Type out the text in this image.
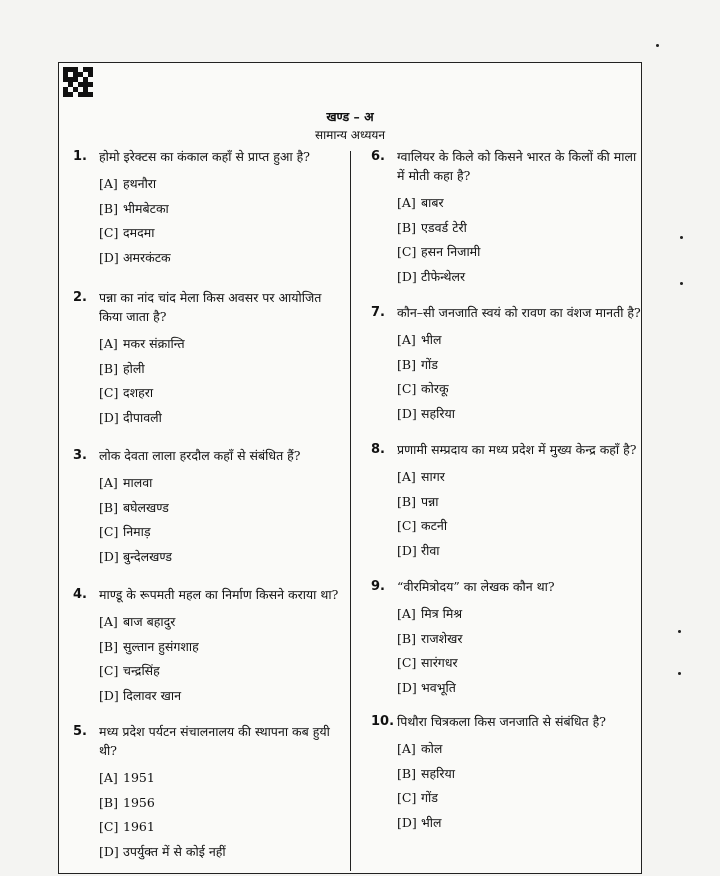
खण्ड – अ
सामान्य अध्ययन
1. होमो इरेक्टस का कंकाल कहाँ से प्राप्त हुआ है?
[A] हथनौरा
[B] भीमबेटका
[C] दमदमा
[D] अमरकंटक
2. पन्ना का नांद चांद मेला किस अवसर पर आयोजित किया जाता है?
[A] मकर संक्रान्ति
[B] होली
[C] दशहरा
[D] दीपावली
3. लोक देवता लाला हरदौल कहाँ से संबंधित हैं?
[A] मालवा
[B] बघेलखण्ड
[C] निमाड़
[D] बुन्देलखण्ड
4. माण्डू के रूपमती महल का निर्माण किसने कराया था?
[A] बाज बहादुर
[B] सुल्तान हुसंगशाह
[C] चन्द्रसिंह
[D] दिलावर खान
5. मध्य प्रदेश पर्यटन संचालनालय की स्थापना कब हुयी थी?
[A] 1951
[B] 1956
[C] 1961
[D] उपर्युक्त में से कोई नहीं
6. ग्वालियर के किले को किसने भारत के किलों की माला में मोती कहा है?
[A] बाबर
[B] एडवर्ड टेरी
[C] हसन निजामी
[D] टीफेन्थेलर
7. कौन–सी जनजाति स्वयं को रावण का वंशज मानती है?
[A] भील
[B] गोंड
[C] कोरकू
[D] सहरिया
8. प्रणामी सम्प्रदाय का मध्य प्रदेश में मुख्य केन्द्र कहाँ है?
[A] सागर
[B] पन्ना
[C] कटनी
[D] रीवा
9. “वीरमित्रोदय” का लेखक कौन था?
[A] मित्र मिश्र
[B] राजशेखर
[C] सारंगधर
[D] भवभूति
10. पिथौरा चित्रकला किस जनजाति से संबंधित है?
[A] कोल
[B] सहरिया
[C] गोंड
[D] भील
